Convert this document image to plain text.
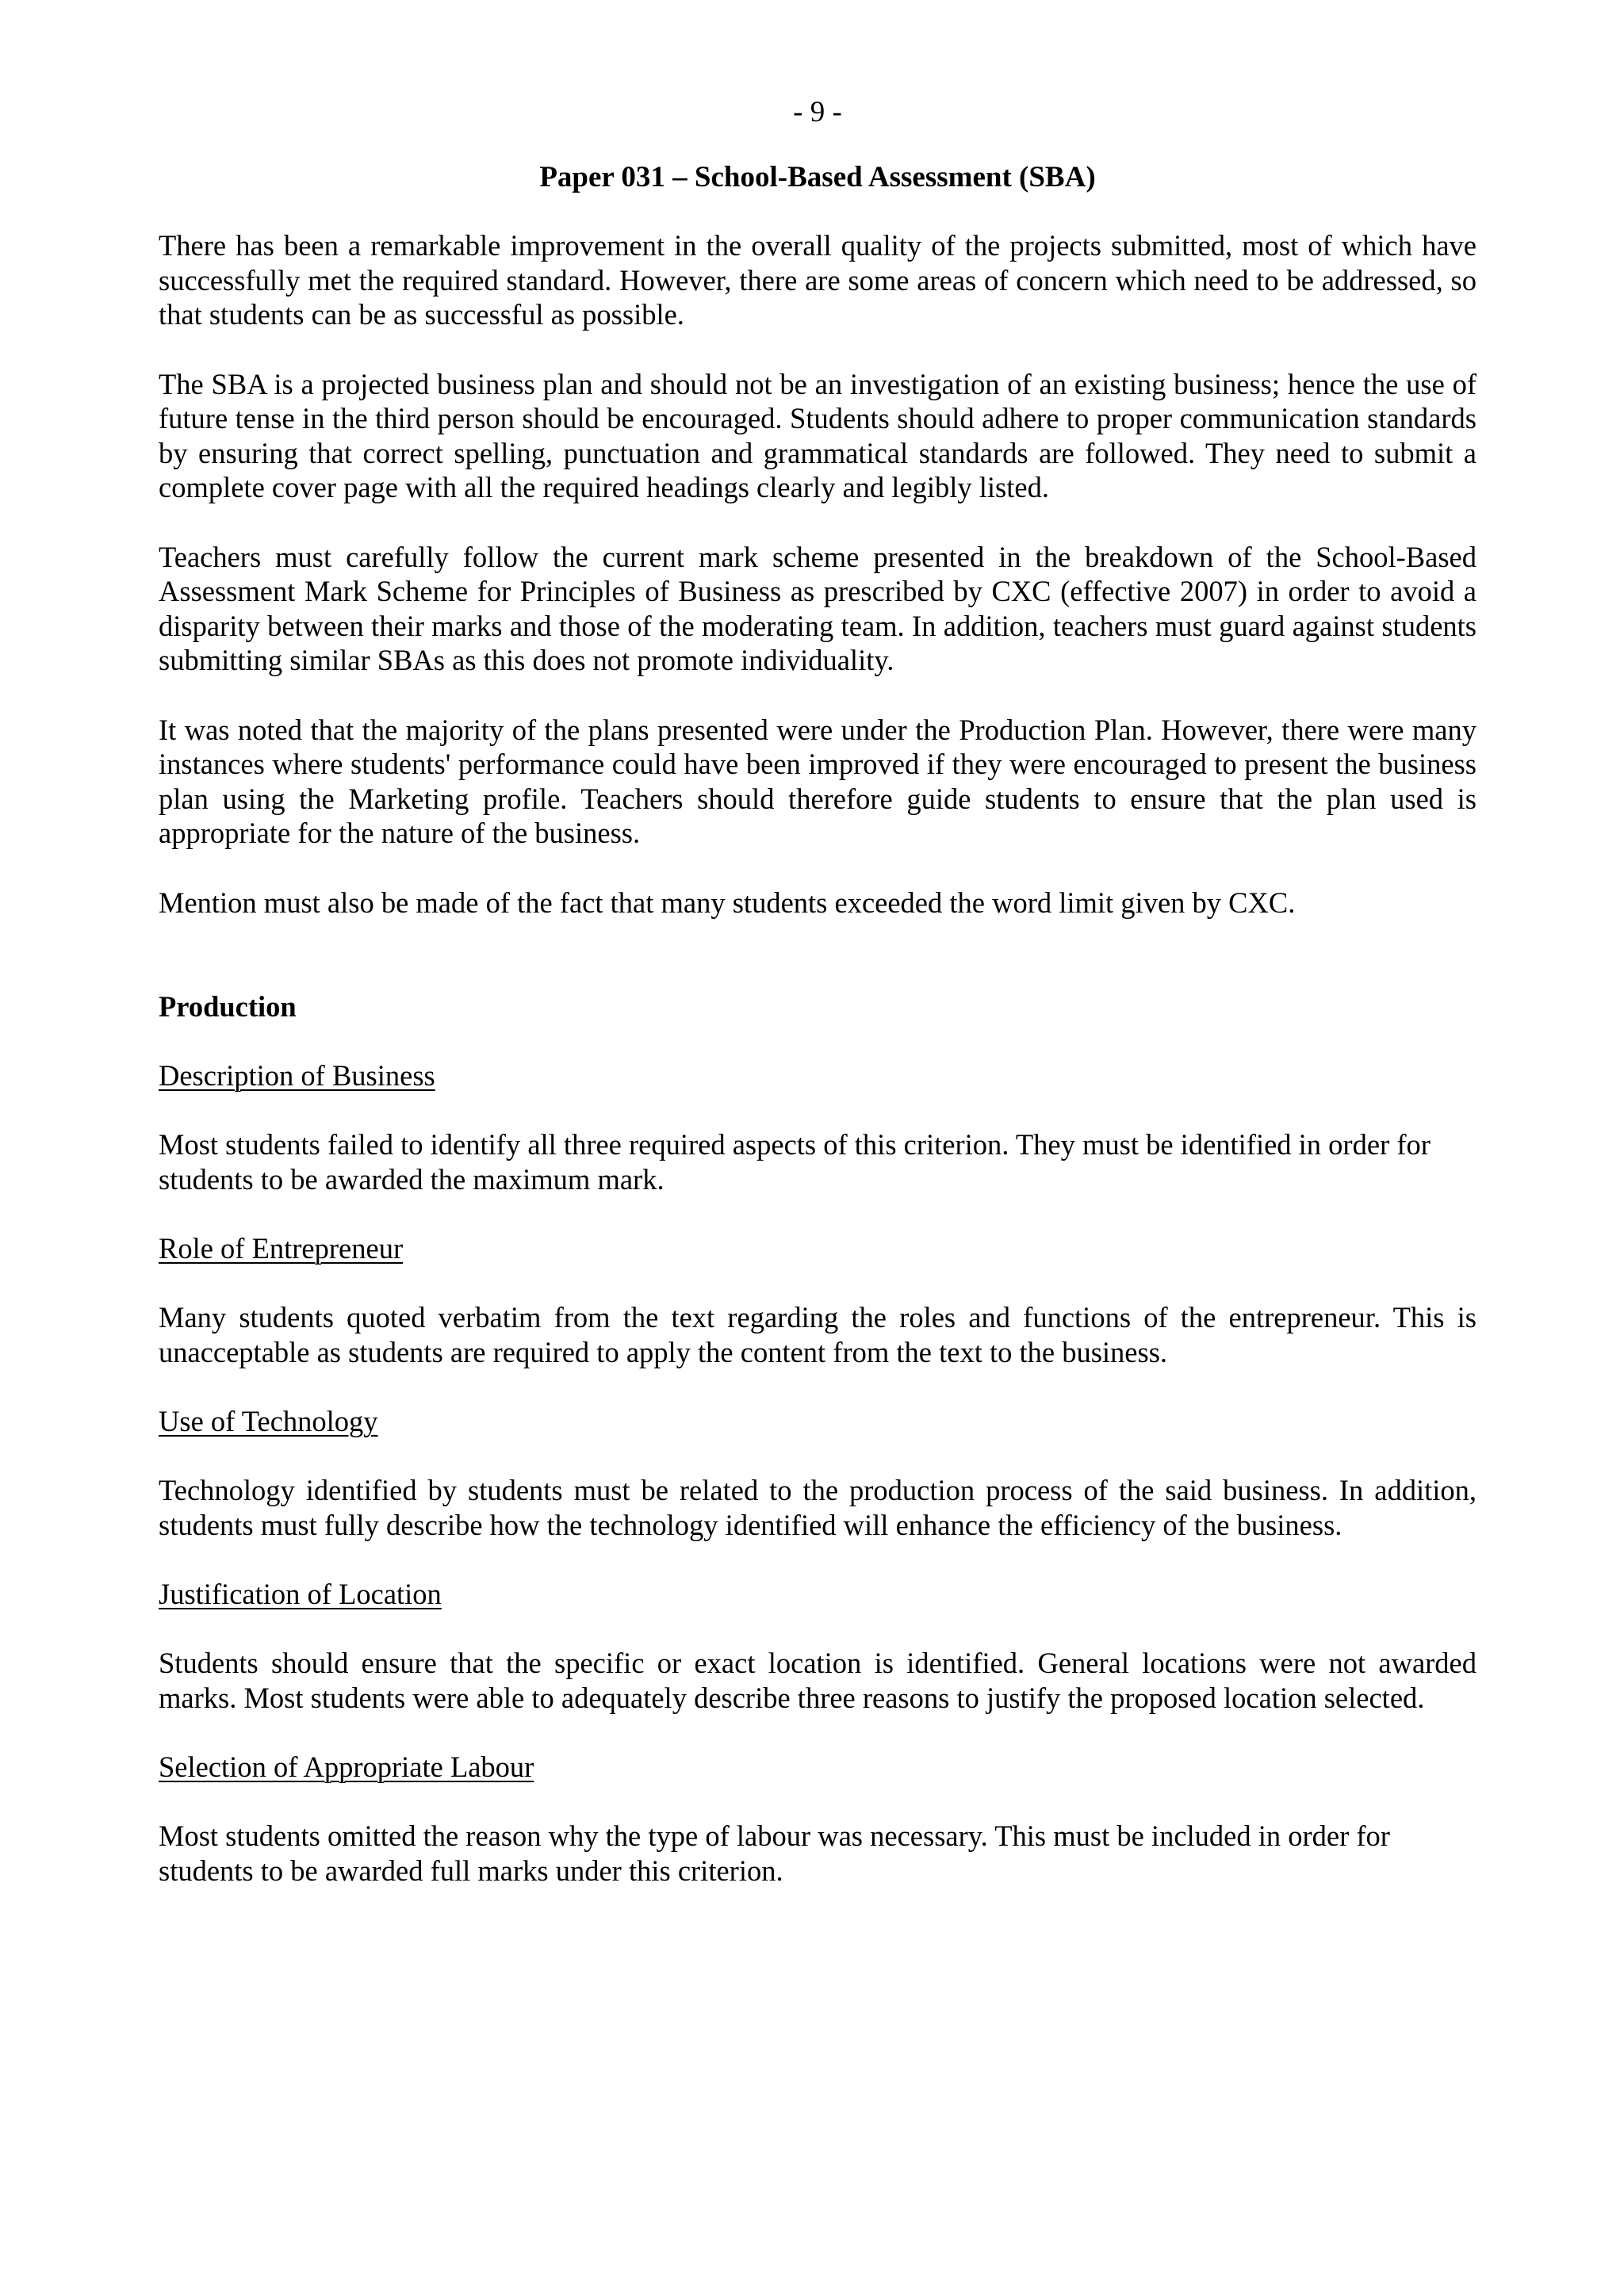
- 9 -
Paper 031 – School-Based Assessment (SBA)

There has been a remarkable improvement in the overall quality of the projects submitted, most of which have successfully met the required standard. However, there are some areas of concern which need to be addressed, so that students can be as successful as possible.

The SBA is a projected business plan and should not be an investigation of an existing business; hence the use of future tense in the third person should be encouraged. Students should adhere to proper communication standards by ensuring that correct spelling, punctuation and grammatical standards are followed. They need to submit a complete cover page with all the required headings clearly and legibly listed.

Teachers must carefully follow the current mark scheme presented in the breakdown of the School-Based Assessment Mark Scheme for Principles of Business as prescribed by CXC (effective 2007) in order to avoid a disparity between their marks and those of the moderating team. In addition, teachers must guard against students submitting similar SBAs as this does not promote individuality.

It was noted that the majority of the plans presented were under the Production Plan. However, there were many instances where students' performance could have been improved if they were encouraged to present the business plan using the Marketing profile. Teachers should therefore guide students to ensure that the plan used is appropriate for the nature of the business.

Mention must also be made of the fact that many students exceeded the word limit given by CXC.

Production
Description of Business

Most students failed to identify all three required aspects of this criterion. They must be identified in order for students to be awarded the maximum mark.

Role of Entrepreneur

Many students quoted verbatim from the text regarding the roles and functions of the entrepreneur. This is unacceptable as students are required to apply the content from the text to the business.

Use of Technology

Technology identified by students must be related to the production process of the said business. In addition, students must fully describe how the technology identified will enhance the efficiency of the business.

Justification of Location

Students should ensure that the specific or exact location is identified. General locations were not awarded marks. Most students were able to adequately describe three reasons to justify the proposed location selected.

Selection of Appropriate Labour

Most students omitted the reason why the type of labour was necessary. This must be included in order for students to be awarded full marks under this criterion.
